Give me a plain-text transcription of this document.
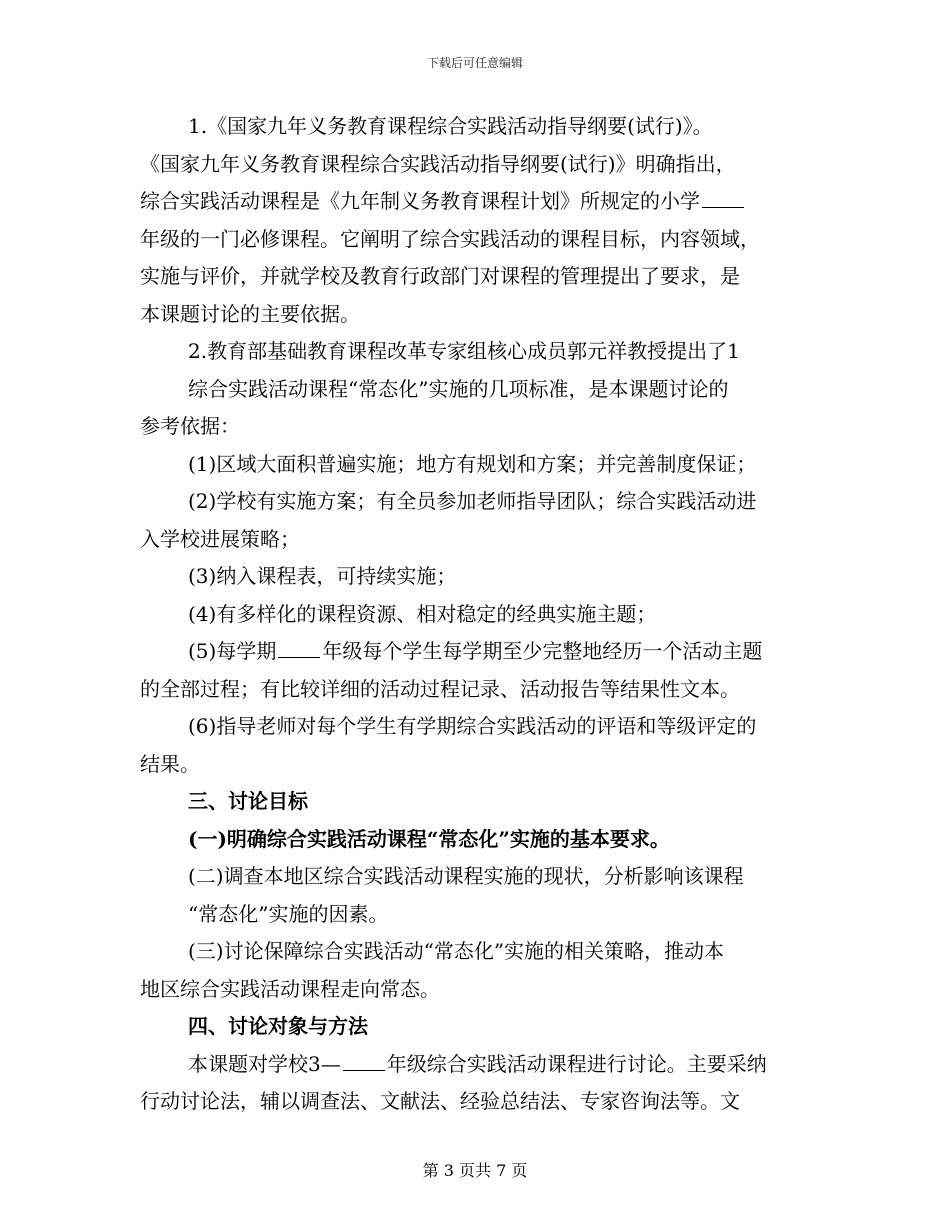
下载后可任意编辑
1.《国家九年义务教育课程综合实践活动指导纲要(试行)》。
《国家九年义务教育课程综合实践活动指导纲要(试行)》明确指出，
综合实践活动课程是《九年制义务教育课程计划》所规定的小学
年级的一门必修课程。它阐明了综合实践活动的课程目标，内容领域，
实施与评价，并就学校及教育行政部门对课程的管理提出了要求，是
本课题讨论的主要依据。
2.教育部基础教育课程改革专家组核心成员郭元祥教授提出了1
综合实践活动课程“常态化”实施的几项标准，是本课题讨论的
参考依据：
(1)区域大面积普遍实施；地方有规划和方案；并完善制度保证；
(2)学校有实施方案；有全员参加老师指导团队；综合实践活动进
入学校进展策略；
(3)纳入课程表，可持续实施；
(4)有多样化的课程资源、相对稳定的经典实施主题；
(5)每学期 年级每个学生每学期至少完整地经历一个活动主题
的全部过程；有比较详细的活动过程记录、活动报告等结果性文本。
(6)指导老师对每个学生有学期综合实践活动的评语和等级评定的
结果。
三、讨论目标
(一)明确综合实践活动课程“常态化”实施的基本要求。
(二)调查本地区综合实践活动课程实施的现状，分析影响该课程
“常态化”实施的因素。
(三)讨论保障综合实践活动“常态化”实施的相关策略，推动本
地区综合实践活动课程走向常态。
四、讨论对象与方法
本课题对学校3— 年级综合实践活动课程进行讨论。主要采纳
行动讨论法，辅以调查法、文献法、经验总结法、专家咨询法等。文
第 3 页共 7 页
